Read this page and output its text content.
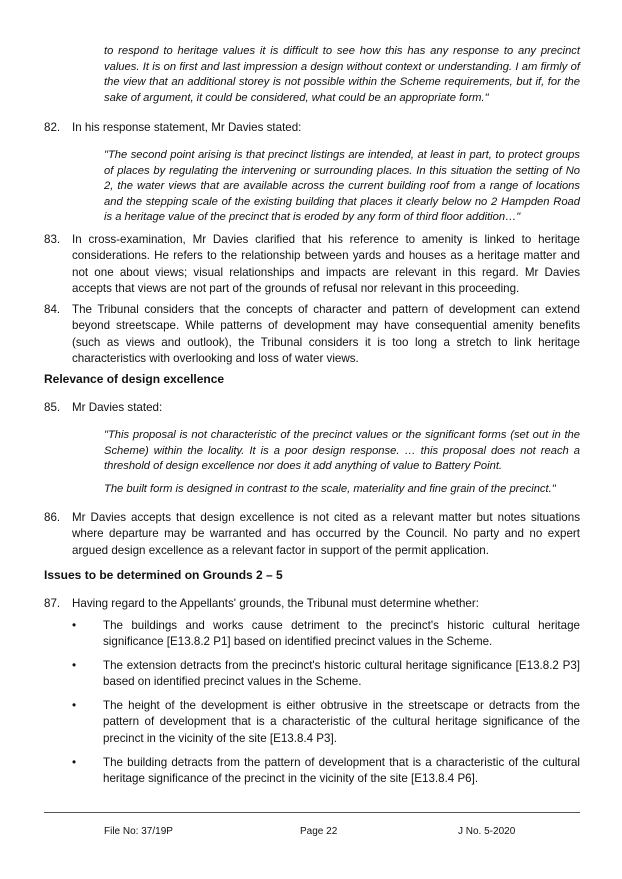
to respond to heritage values it is difficult to see how this has any response to any precinct values. It is on first and last impression a design without context or understanding. I am firmly of the view that an additional storey is not possible within the Scheme requirements, but if, for the sake of argument, it could be considered, what could be an appropriate form."
82. In his response statement, Mr Davies stated:
"The second point arising is that precinct listings are intended, at least in part, to protect groups of places by regulating the intervening or surrounding places. In this situation the setting of No 2, the water views that are available across the current building roof from a range of locations and the stepping scale of the existing building that places it clearly below no 2 Hampden Road is a heritage value of the precinct that is eroded by any form of third floor addition…"
83. In cross-examination, Mr Davies clarified that his reference to amenity is linked to heritage considerations. He refers to the relationship between yards and houses as a heritage matter and not one about views; visual relationships and impacts are relevant in this regard. Mr Davies accepts that views are not part of the grounds of refusal nor relevant in this proceeding.
84. The Tribunal considers that the concepts of character and pattern of development can extend beyond streetscape. While patterns of development may have consequential amenity benefits (such as views and outlook), the Tribunal considers it is too long a stretch to link heritage characteristics with overlooking and loss of water views.
Relevance of design excellence
85. Mr Davies stated:
"This proposal is not characteristic of the precinct values or the significant forms (set out in the Scheme) within the locality. It is a poor design response. … this proposal does not reach a threshold of design excellence nor does it add anything of value to Battery Point.
The built form is designed in contrast to the scale, materiality and fine grain of the precinct."
86. Mr Davies accepts that design excellence is not cited as a relevant matter but notes situations where departure may be warranted and has occurred by the Council. No party and no expert argued design excellence as a relevant factor in support of the permit application.
Issues to be determined on Grounds 2 – 5
87. Having regard to the Appellants' grounds, the Tribunal must determine whether:
• The buildings and works cause detriment to the precinct's historic cultural heritage significance [E13.8.2 P1] based on identified precinct values in the Scheme.
• The extension detracts from the precinct's historic cultural heritage significance [E13.8.2 P3] based on identified precinct values in the Scheme.
• The height of the development is either obtrusive in the streetscape or detracts from the pattern of development that is a characteristic of the cultural heritage significance of the precinct in the vicinity of the site [E13.8.4 P3].
• The building detracts from the pattern of development that is a characteristic of the cultural heritage significance of the precinct in the vicinity of the site [E13.8.4 P6].
File No: 37/19P	Page 22	J No. 5-2020
